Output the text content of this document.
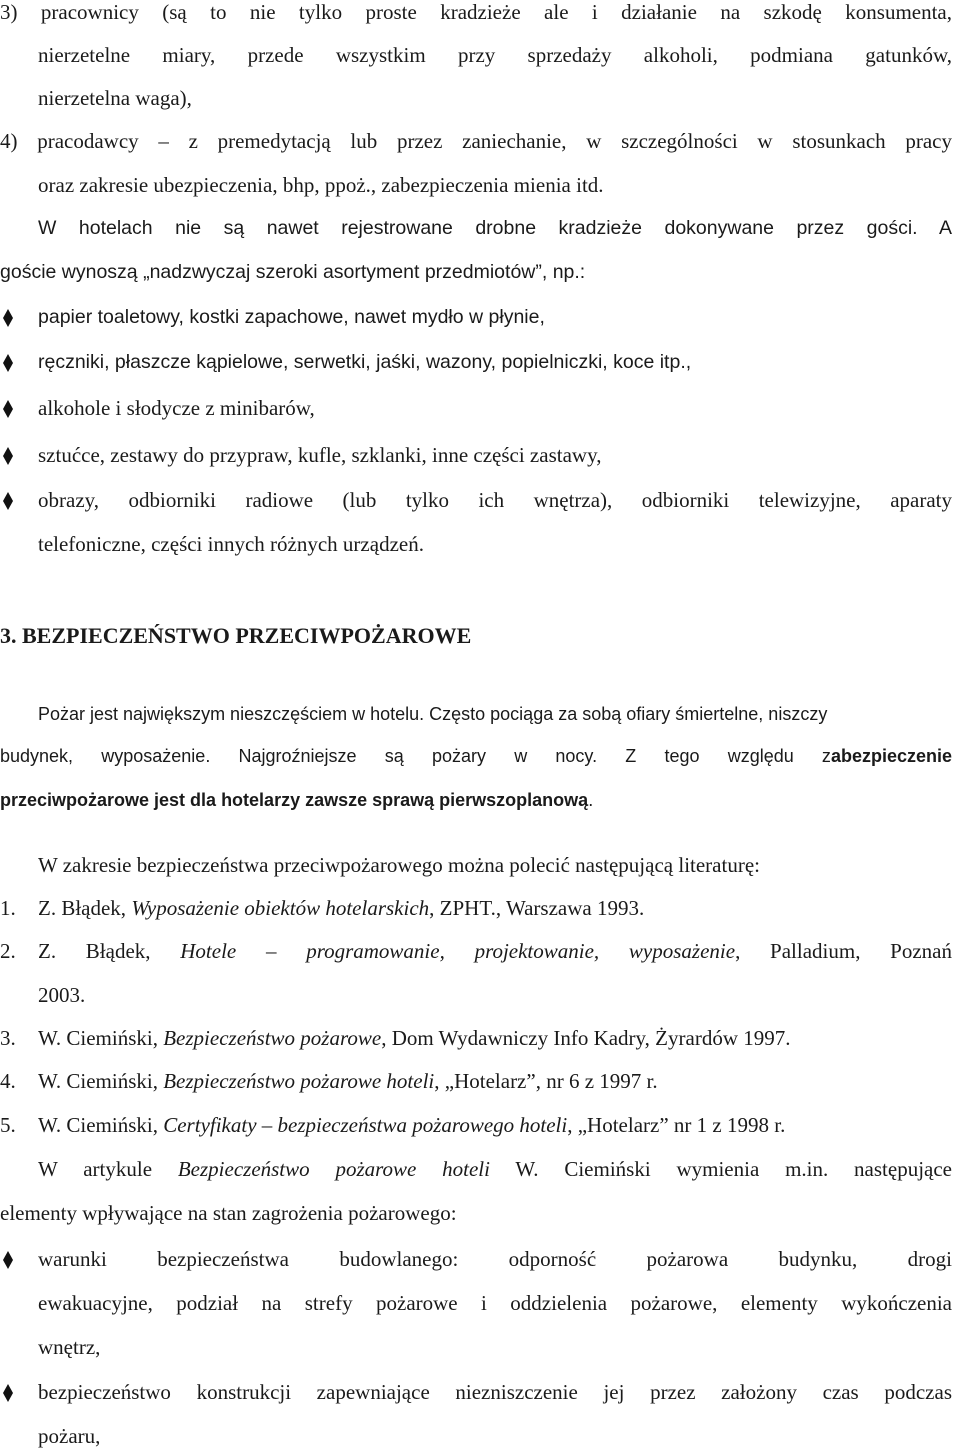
3) pracownicy (są to nie tylko proste kradzieże ale i działanie na szkodę konsumenta,
nierzetelne miary, przede wszystkim przy sprzedaży alkoholi, podmiana gatunków,
nierzetelna waga),
4) pracodawcy – z premedytacją lub przez zaniechanie, w szczególności w stosunkach pracy
oraz zakresie ubezpieczenia, bhp, ppoż., zabezpieczenia mienia itd.
W hotelach nie są nawet rejestrowane drobne kradzieże dokonywane przez gości. A
goście wynoszą „nadzwyczaj szeroki asortyment przedmiotów”, np.:
papier toaletowy, kostki zapachowe, nawet mydło w płynie,
ręczniki, płaszcze kąpielowe, serwetki, jaśki, wazony, popielniczki, koce itp.,
alkohole i słodycze z minibarów,
sztućce, zestawy do przypraw, kufle, szklanki, inne części zastawy,
obrazy, odbiorniki radiowe (lub tylko ich wnętrza), odbiorniki telewizyjne, aparaty
telefoniczne, części innych różnych urządzeń.
3. BEZPIECZEŃSTWO PRZECIWPOŻAROWE
Pożar jest największym nieszczęściem w hotelu. Często pociąga za sobą ofiary śmiertelne, niszczy
budynek, wyposażenie. Najgroźniejsze są pożary w nocy. Z tego względu zabezpieczenie
przeciwpożarowe jest dla hotelarzy zawsze sprawą pierwszoplanową.
W zakresie bezpieczeństwa przeciwpożarowego można polecić następującą literaturę:
1. Z. Błądek, Wyposażenie obiektów hotelarskich, ZPHT., Warszawa 1993.
2. Z. Błądek, Hotele – programowanie, projektowanie, wyposażenie, Palladium, Poznań
2003.
3. W. Ciemiński, Bezpieczeństwo pożarowe, Dom Wydawniczy Info Kadry, Żyrardów 1997.
4. W. Ciemiński, Bezpieczeństwo pożarowe hoteli, „Hotelarz”, nr 6 z 1997 r.
5. W. Ciemiński, Certyfikaty – bezpieczeństwa pożarowego hoteli, „Hotelarz” nr 1 z 1998 r.
W artykule Bezpieczeństwo pożarowe hoteli W. Ciemiński wymienia m.in. następujące
elementy wpływające na stan zagrożenia pożarowego:
warunki bezpieczeństwa budowlanego: odporność pożarowa budynku, drogi
ewakuacyjne, podział na strefy pożarowe i oddzielenia pożarowe, elementy wykończenia
wnętrz,
bezpieczeństwo konstrukcji zapewniające niezniszczenie jej przez założony czas podczas
pożaru,
